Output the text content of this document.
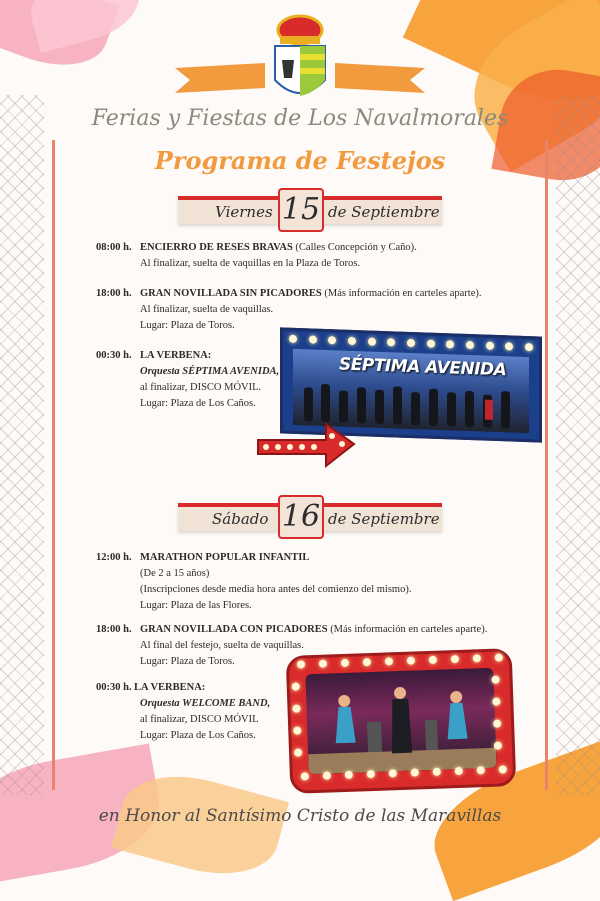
Ferias y Fiestas de Los Navalmorales
Programa de Festejos
Viernes 15 de Septiembre
08:00 h. ENCIERRO DE RESES BRAVAS (Calles Concepción y Caño).
Al finalizar, suelta de vaquillas en la Plaza de Toros.
18:00 h. GRAN NOVILLADA SIN PICADORES (Más información en carteles aparte).
Al finalizar, suelta de vaquillas.
Lugar: Plaza de Toros.
00:30 h. LA VERBENA:
Orquesta SÉPTIMA AVENIDA,
al finalizar, DISCO MÓVIL.
Lugar: Plaza de Los Caños.
SÉPTIMA AVENIDA
Sábado 16 de Septiembre
12:00 h. MARATHON POPULAR INFANTIL
(De 2 a 15 años)
(Inscripciones desde media hora antes del comienzo del mismo).
Lugar: Plaza de las Flores.
18:00 h. GRAN NOVILLADA CON PICADORES (Más información en carteles aparte).
Al final del festejo, suelta de vaquillas.
Lugar: Plaza de Toros.
00:30 h. LA VERBENA:
Orquesta WELCOME BAND,
al finalizar, DISCO MÓVIL
Lugar: Plaza de Los Caños.
en Honor al Santísimo Cristo de las Maravillas
